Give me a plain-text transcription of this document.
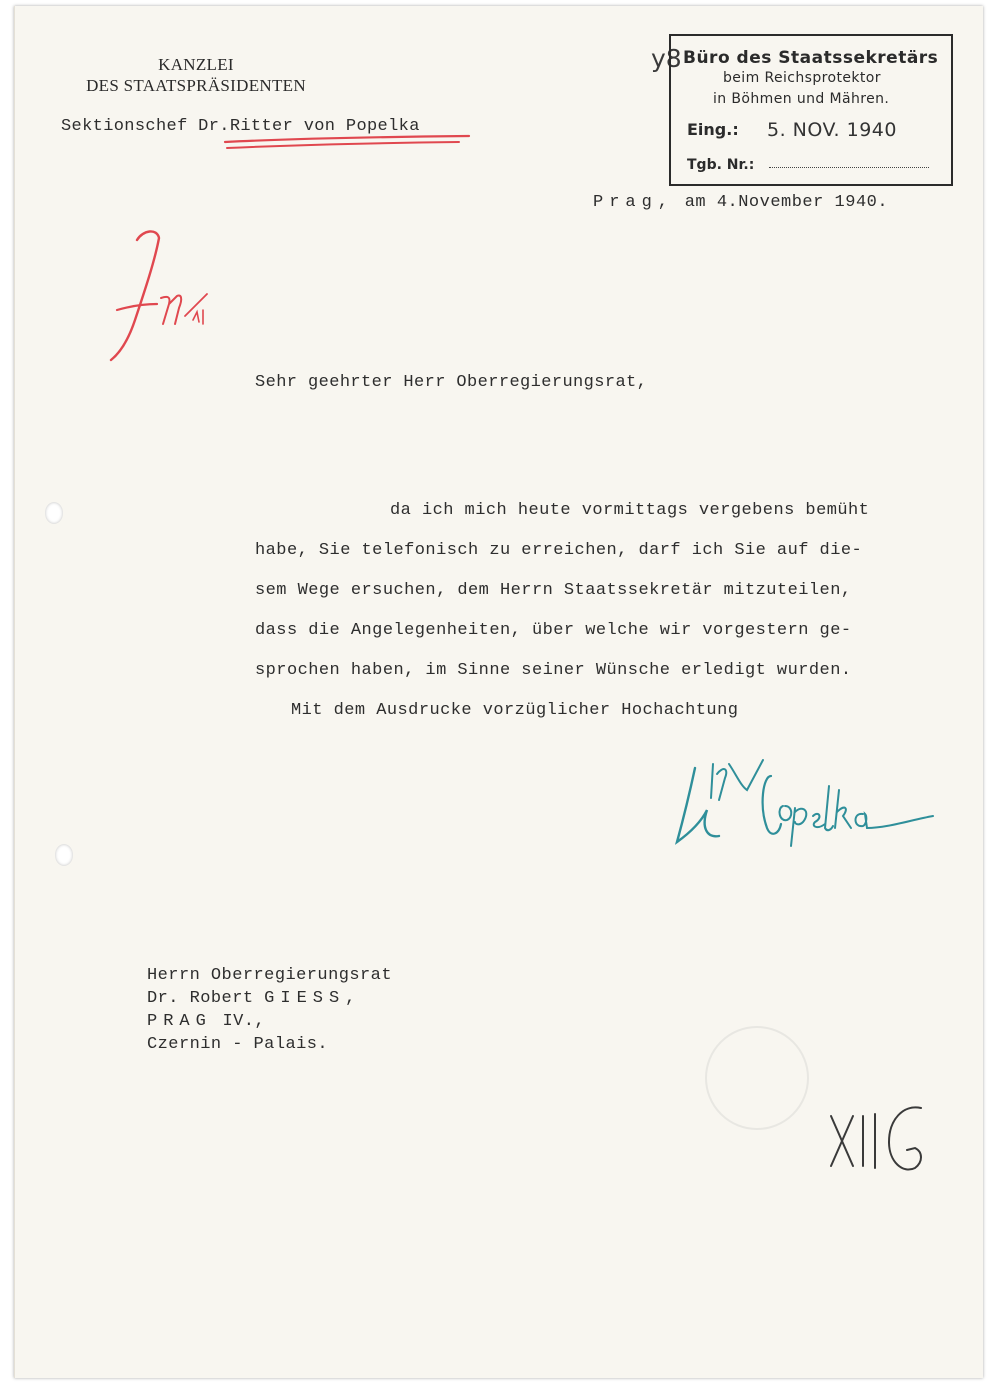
KANZLEI
DES STAATSPRÄSIDENTEN
Sektionschef Dr.Ritter von Popelka
y8 Büro des Staatssekretärs
beim Reichsprotektor
in Böhmen und Mähren.
Eing.: 5. NOV. 1940
Tgb. Nr.:
Prag, am 4.November 1940.
Sehr geehrter Herr Oberregierungsrat,
da ich mich heute vormittags vergebens bemüht
habe, Sie telefonisch zu erreichen, darf ich Sie auf die-
sem Wege ersuchen, dem Herrn Staatssekretär mitzuteilen,
dass die Angelegenheiten, über welche wir vorgestern ge-
sprochen haben, im Sinne seiner Wünsche erledigt wurden.
Mit dem Ausdrucke vorzüglicher Hochachtung
Herrn Oberregierungsrat
Dr. Robert GIESS,
PRAG IV.,
Czernin - Palais.
